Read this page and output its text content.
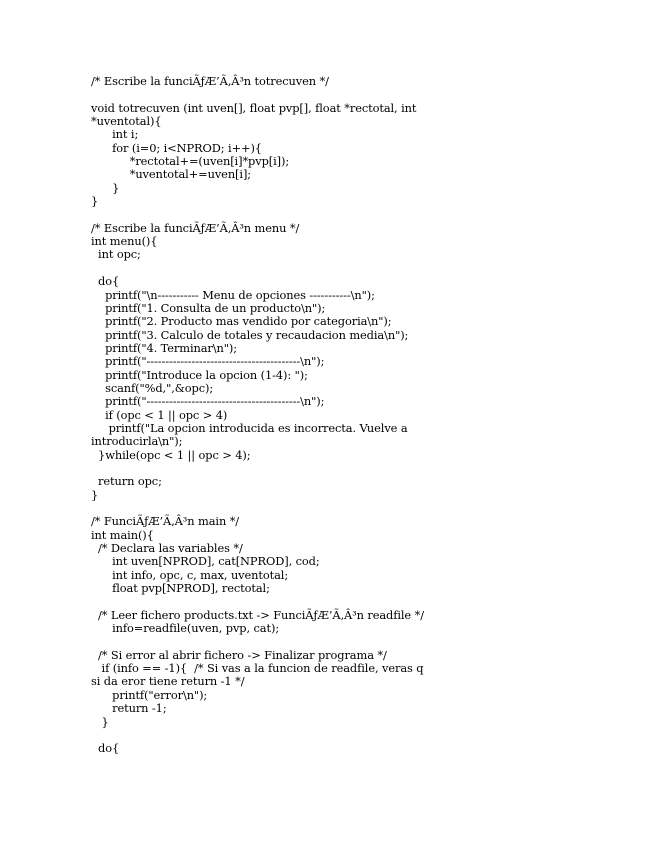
/* Escribe la funciÃƒÆ’Ã‚Â³n totrecuven */
void totrecuven (int uven[], float pvp[], float *rectotal, int
*uventotal){
int i;
for (i=0; i<NPROD; i++){
*rectotal+=(uven[i]*pvp[i]);
*uventotal+=uven[i];
}
}
/* Escribe la funciÃƒÆ’Ã‚Â³n menu */
int menu(){
int opc;
do{
printf("\n----------- Menu de opciones -----------\n");
printf("1. Consulta de un producto\n");
printf("2. Producto mas vendido por categoria\n");
printf("3. Calculo de totales y recaudacion media\n");
printf("4. Terminar\n");
printf("-----------------------------------------\n");
printf("Introduce la opcion (1-4): ");
scanf("%d,",&opc);
printf("-----------------------------------------\n");
if (opc < 1 || opc > 4)
printf("La opcion introducida es incorrecta. Vuelve a
introducirla\n");
}while(opc < 1 || opc > 4);
return opc;
}
/* FunciÃƒÆ’Ã‚Â³n main */
int main(){
/* Declara las variables */
int uven[NPROD], cat[NPROD], cod;
int info, opc, c, max, uventotal;
float pvp[NPROD], rectotal;
/* Leer fichero products.txt -> FunciÃƒÆ’Ã‚Â³n readfile */
info=readfile(uven, pvp, cat);
/* Si error al abrir fichero -> Finalizar programa */
if (info == -1){  /* Si vas a la funcion de readfile, veras q
si da eror tiene return -1 */
printf("error\n");
return -1;
}
do{
